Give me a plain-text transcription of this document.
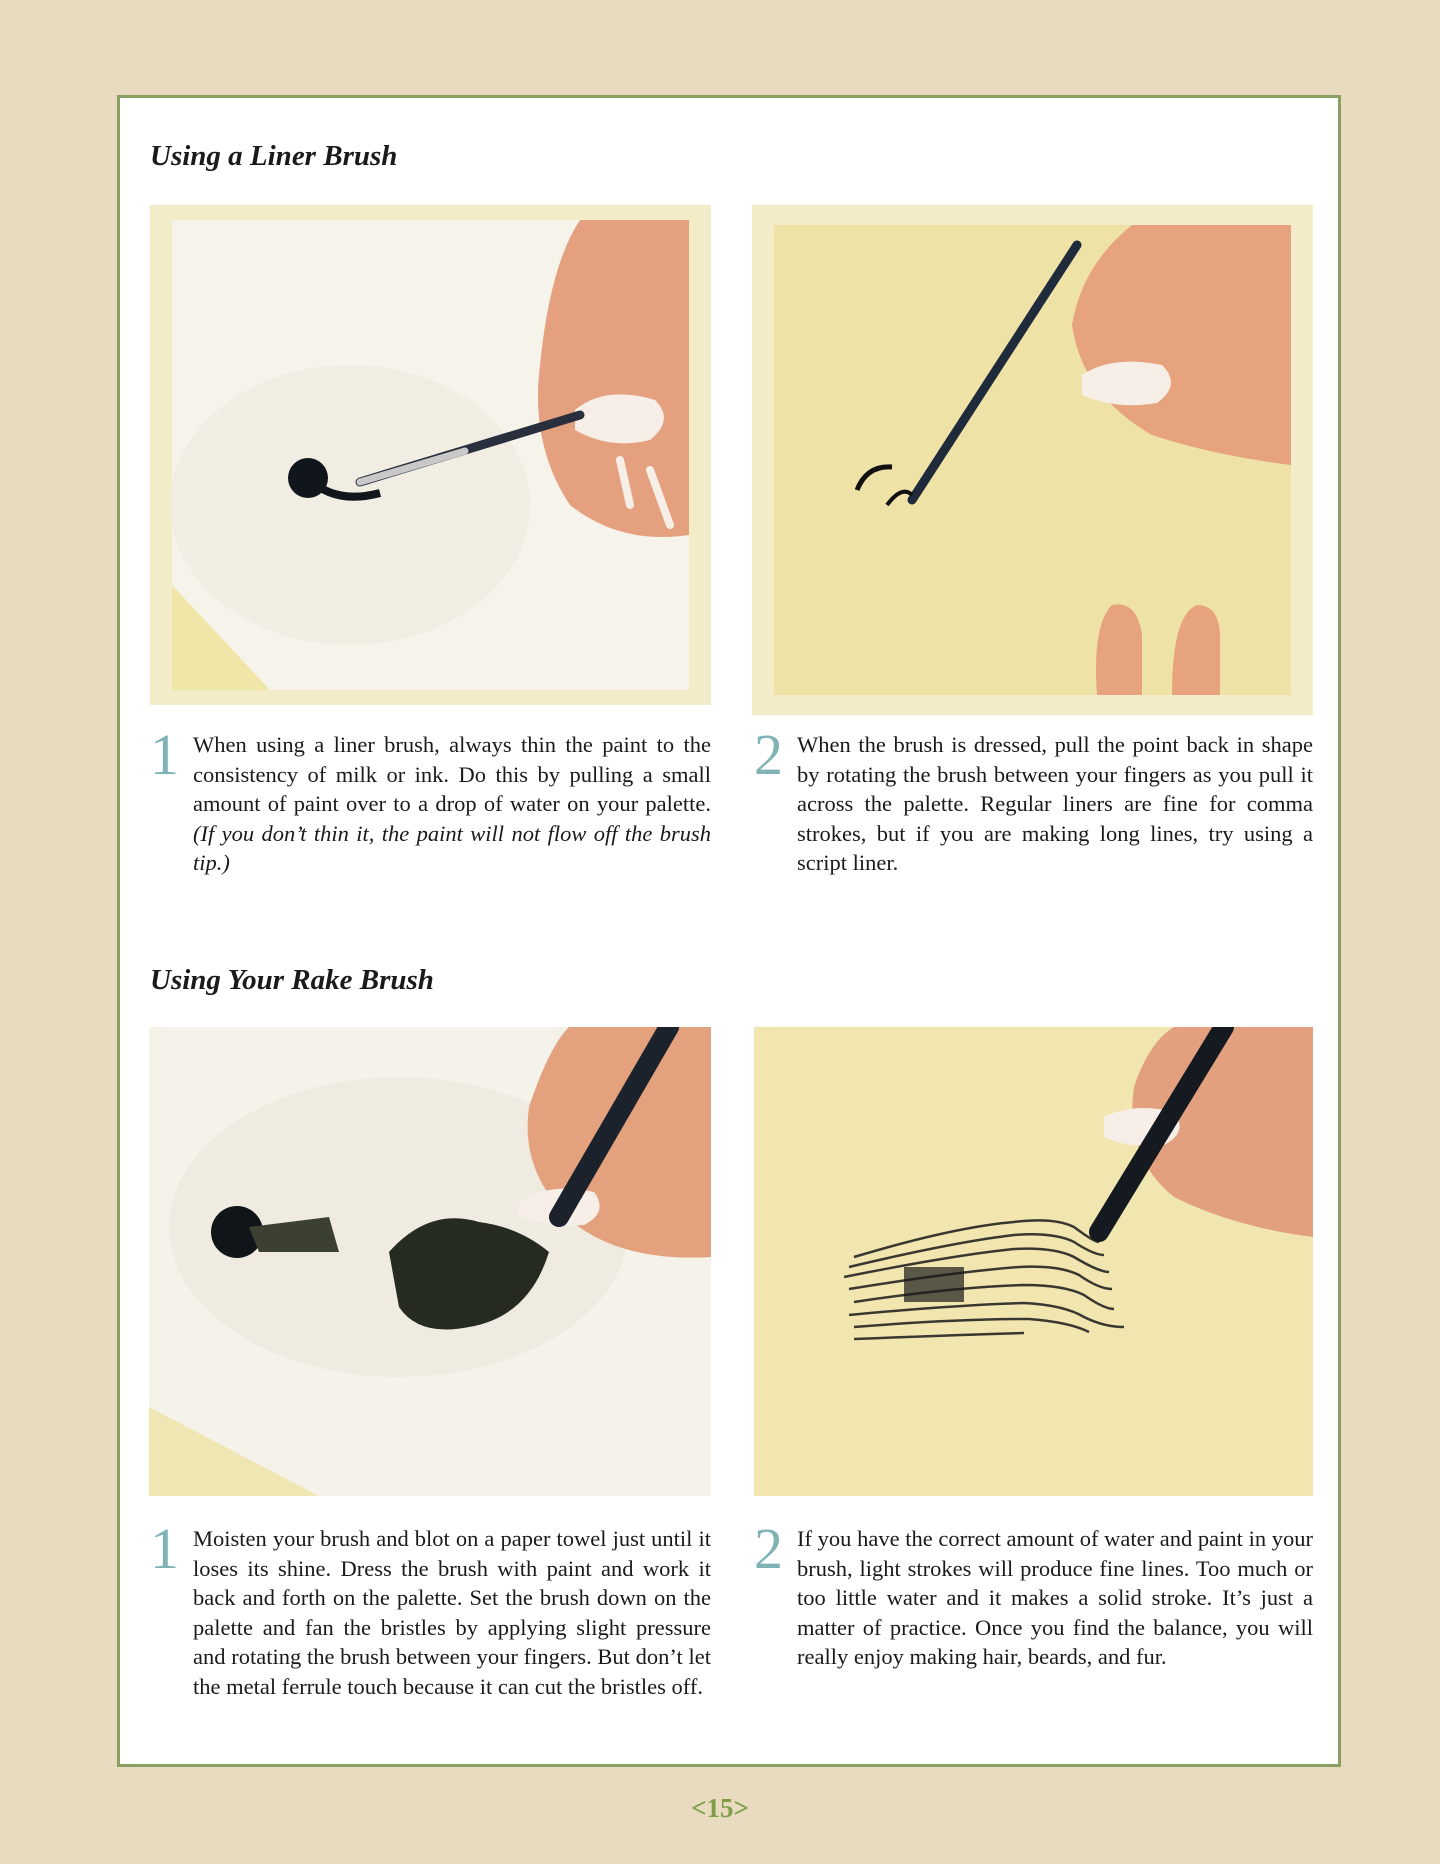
Using a Liner Brush
1 When using a liner brush, always thin the paint to the consistency of milk or ink. Do this by pulling a small amount of paint over to a drop of water on your palette. (If you don’t thin it, the paint will not flow off the brush tip.)

2 When the brush is dressed, pull the point back in shape by rotating the brush between your fingers as you pull it across the palette. Regular liners are fine for comma strokes, but if you are making long lines, try using a script liner.

Using Your Rake Brush
1 Moisten your brush and blot on a paper towel just until it loses its shine. Dress the brush with paint and work it back and forth on the palette. Set the brush down on the palette and fan the bristles by applying slight pressure and rotating the brush between your fingers. But don’t let the metal ferrule touch because it can cut the bristles off.

2 If you have the correct amount of water and paint in your brush, light strokes will produce fine lines. Too much or too little water and it makes a solid stroke. It’s just a matter of practice. Once you find the balance, you will really enjoy making hair, beards, and fur.

<15>
